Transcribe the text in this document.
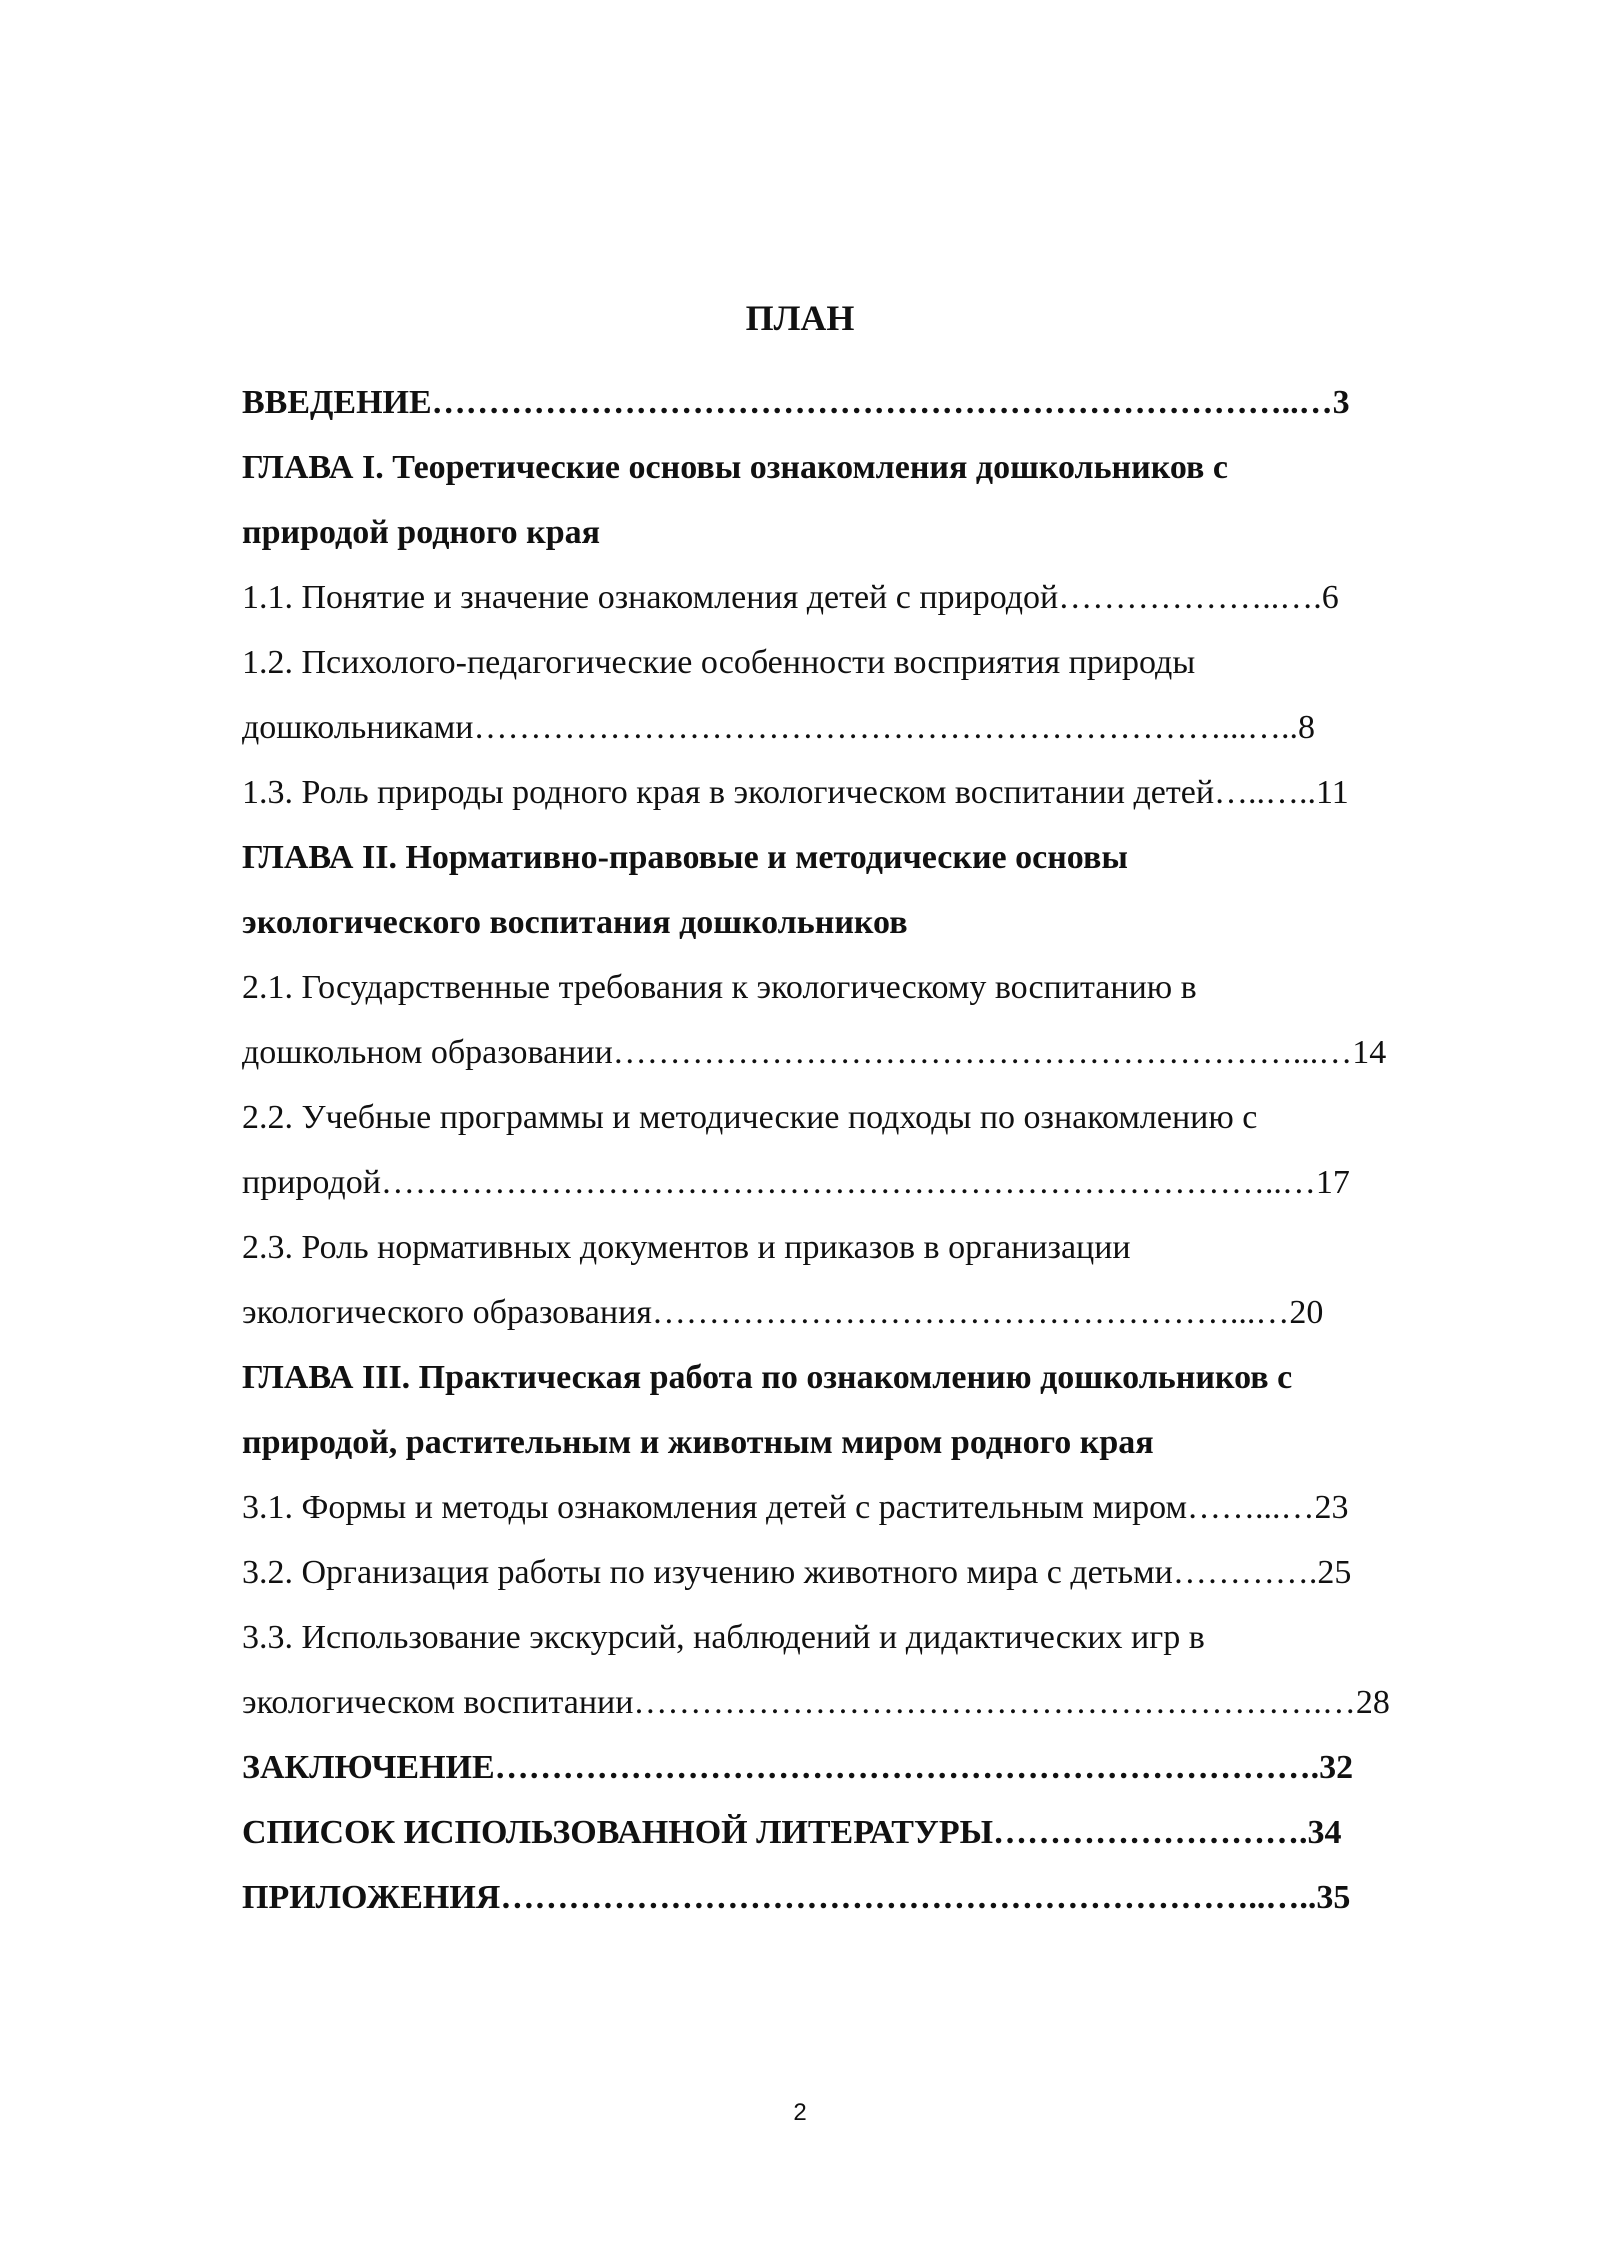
ПЛАН
ВВЕДЕНИЕ…………………………………………………………………..…3
ГЛАВА I. Теоретические основы ознакомления дошкольников с
природой родного края
1.1. Понятие и значение ознакомления детей с природой………………..….6
1.2. Психолого-педагогические особенности восприятия природы
дошкольниками…………………………………………………………...…..8
1.3. Роль природы родного края в экологическом воспитании детей…..…..11
ГЛАВА II. Нормативно-правовые и методические основы
экологического воспитания дошкольников
2.1. Государственные требования к экологическому воспитанию в
дошкольном образовании……………………………………………………...…14
2.2. Учебные программы и методические подходы по ознакомлению с
природой……………………………………………………………………..…17
2.3. Роль нормативных документов и приказов в организации
экологического образования……………………………………………...…20
ГЛАВА III. Практическая работа по ознакомлению дошкольников с
природой, растительным и животным миром родного края
3.1. Формы и методы ознакомления детей с растительным миром……...…23
3.2. Организация работы по изучению животного мира с детьми………….25
3.3. Использование экскурсий, наблюдений и дидактических игр в
экологическом воспитании…………………………………………………….…28
ЗАКЛЮЧЕНИЕ……………………………………………………………….32
СПИСОК ИСПОЛЬЗОВАННОЙ ЛИТЕРАТУРЫ……………………….34
ПРИЛОЖЕНИЯ…………………………………………………………..…..35
2
